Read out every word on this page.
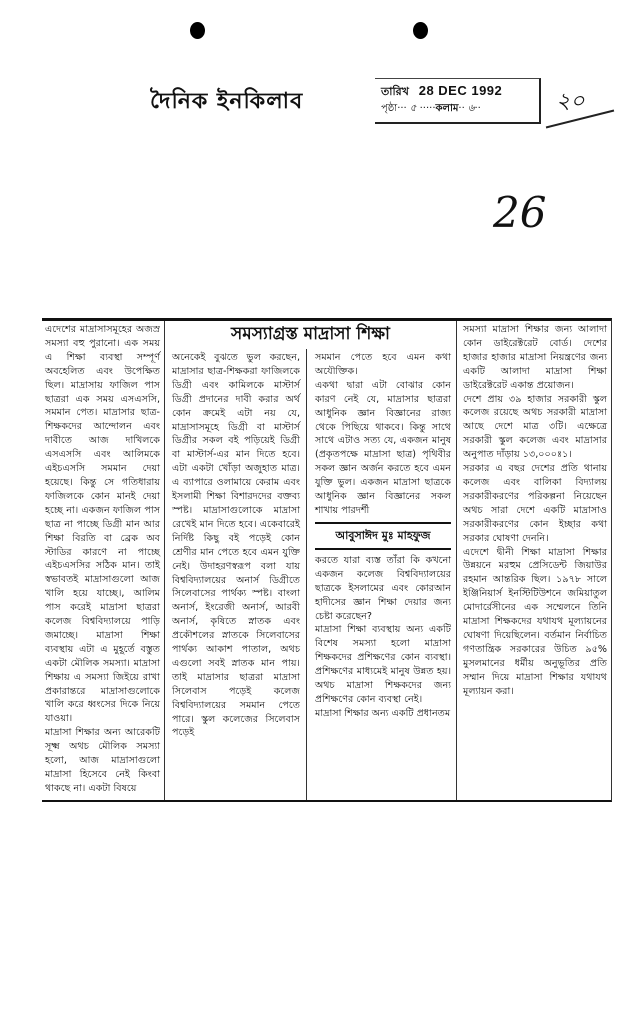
দৈনিক ইনকিলাব	তারিখ 28 DEC 1992
পৃষ্ঠা··· ৫ ·····কলাম·· ৬··	২০
26

এদেশের মাদ্রাসাসমূহের অজস্র সমস্যা বহু পুরানো। এক সময় এ শিক্ষা ব্যবস্থা সম্পূর্ণ অবহেলিত এবং উপেক্ষিত ছিল। মাদ্রাসায় ফাজিল পাস ছাত্ররা এক সময় এসএসসি, সমমান পেত। মাদ্রাসার ছাত্র-শিক্ষকদের আন্দোলন এবং দাবীতে আজ দাখিলকে এসএসসি এবং আলিমকে এইচএসসি সমমান দেয়া হয়েছে। কিন্তু সে গতিধারায় ফাজিলকে কোন মানই দেয়া হচ্ছে না। একজন ফাজিল পাস ছাত্র না পাচ্ছে ডিগ্রী মান আর শিক্ষা বিরতি বা ব্রেক অব স্টাডির কারণে না পাচ্ছে এইচএসসির সঠিক মান। তাই স্বভাবতই মাদ্রাসাগুলো আজ খালি হয়ে যাচ্ছে।, আলিম পাস করেই মাদ্রাসা ছাত্ররা কলেজ বিশ্ববিদ্যালয়ে পাড়ি জমাচ্ছে। মাদ্রাসা শিক্ষা ব্যবস্থায় এটা এ মুহূর্তে বস্তুত একটা মৌলিক সমস্যা। মাদ্রাসা শিক্ষায় এ সমস্যা জিইয়ে রাখা প্রকারান্তরে মাদ্রাসাগুলোকে খালি করে ধ্বংসের দিকে নিয়ে যাওয়া।

মাদ্রাসা শিক্ষার অন্য আরেকটি সূক্ষ্ম অথচ মৌলিক সমস্যা হলো, আজ মাদ্রাসাগুলো মাদ্রাসা হিসেবে নেই কিংবা থাকছে না। একটা বিষয়ে

সমস্যাগ্রস্ত মাদ্রাসা শিক্ষা

অনেকেই বুঝতে ভুল করছেন, মাদ্রাসার ছাত্র-শিক্ষকরা ফাজিলকে ডিগ্রী এবং কামিলকে মাস্টার্স ডিগ্রী প্রদানের দাবী করার অর্থ কোন ক্রমেই এটা নয় যে, মাদ্রাসাসমূহে ডিগ্রী বা মাস্টার্স ডিগ্রীর সকল বই পড়িয়েই ডিগ্রী বা মাস্টার্স-এর মান দিতে হবে। এটা একটা খোঁড়া অজুহাত মাত্র। এ ব্যাপারে ওলামায়ে কেরাম এবং ইসলামী শিক্ষা বিশারদদের বক্তব্য স্পষ্ট। মাদ্রাসাগুলোকে মাদ্রাসা রেখেই মান দিতে হবে। একেবারেই নির্দিষ্ট কিছু বই পড়েই কোন শ্রেণীর মান পেতে হবে এমন যুক্তি নেই। উদাহরণস্বরূপ বলা যায় বিশ্ববিদ্যালয়ের অনার্স ডিগ্রীতে সিলেবাসের পার্থক্য স্পষ্ট। বাংলা অনার্স, ইংরেজী অনার্স, আরবী অনার্স, কৃষিতে স্নাতক এবং প্রকৌশলের স্নাতকে সিলেবাসের পার্থক্য আকাশ পাতাল, অথচ এগুলো সবই স্নাতক মান পায়। তাই মাদ্রাসার ছাত্ররা মাদ্রাসা সিলেবাস পড়েই কলেজ বিশ্ববিদ্যালয়ের সমমান পেতে পারে। স্কুল কলেজের সিলেবাস পড়েই

সমমান পেতে হবে এমন কথা অযৌক্তিক।

একথা দ্বারা এটা বোঝার কোন কারণ নেই যে, মাদ্রাসার ছাত্ররা আধুনিক জ্ঞান বিজ্ঞানের রাজ্য থেকে পিছিয়ে থাকবে। কিন্তু সাথে সাথে এটাও সত্য যে, একজন মানুষ (প্রকৃতপক্ষে মাদ্রাসা ছাত্র) পৃথিবীর সকল জ্ঞান অর্জন করতে হবে এমন যুক্তি ভুল। একজন মাদ্রাসা ছাত্রকে আধুনিক জ্ঞান বিজ্ঞানের সকল শাখায় পারদর্শী

আবুসাঈদ মুঃ মাহফুজ

করতে যারা ব্যস্ত তাঁরা কি কখনো একজন কলেজ বিশ্ববিদ্যালয়ের ছাত্রকে ইসলামের এবং কোরআন হাদীসের জ্ঞান শিক্ষা দেয়ার জন্য চেষ্টা করেছেন?

মাদ্রাসা শিক্ষা ব্যবস্থায় অন্য একটি বিশেষ সমস্যা হলো মাদ্রাসা শিক্ষকদের প্রশিক্ষণের কোন ব্যবস্থা। প্রশিক্ষণের মাধ্যমেই মানুষ উন্নত হয়। অথচ মাদ্রাসা শিক্ষকদের জন্য প্রশিক্ষণের কোন ব্যবস্থা নেই।

মাদ্রাসা শিক্ষার অন্য একটি প্রধানতম

সমস্যা মাদ্রাসা শিক্ষার জন্য আলাদা কোন ডাইরেক্টরেট বোর্ড। দেশের হাজার হাজার মাদ্রাসা নিয়ন্ত্রণের জন্য একটি আলাদা মাদ্রাসা শিক্ষা ডাইরেক্টরেট একান্ত প্রয়োজন।

দেশে প্রায় ৩৯ হাজার সরকারী স্কুল কলেজ রয়েছে অথচ সরকারী মাদ্রাসা আছে দেশে মাত্র ৩টি। এক্ষেত্রে সরকারী স্কুল কলেজ এবং মাদ্রাসার অনুপাত দাঁড়ায় ১৩,০০০ঃ১।

সরকার এ বছর দেশের প্রতি থানায় কলেজ এবং বালিকা বিদ্যালয় সরকারীকরণের পরিকল্পনা নিয়েছেন অথচ সারা দেশে একটি মাদ্রাসাও সরকারীকরণের কোন ইচ্ছার কথা সরকার ঘোষণা দেননি।

এদেশে দ্বীনী শিক্ষা মাদ্রাসা শিক্ষার উন্নয়নে মরহুম প্রেসিডেন্ট জিয়াউর রহমান আন্তরিক ছিল। ১৯৭৮ সালে ইঞ্জিনিয়ার্স ইনস্টিটিউশনে জমিয়াতুল মোদার্রেসীনের এক সম্মেলনে তিনি মাদ্রাসা শিক্ষকদের যথাযথ মূল্যায়নের ঘোষণা দিয়েছিলেন। বর্তমান নির্বাচিত গণতান্ত্রিক সরকারের উচিত ৯৫% মুসলমানের ধর্মীয় অনুভূতির প্রতি সম্মান দিয়ে মাদ্রাসা শিক্ষার যথাযথ মূল্যায়ন করা।
